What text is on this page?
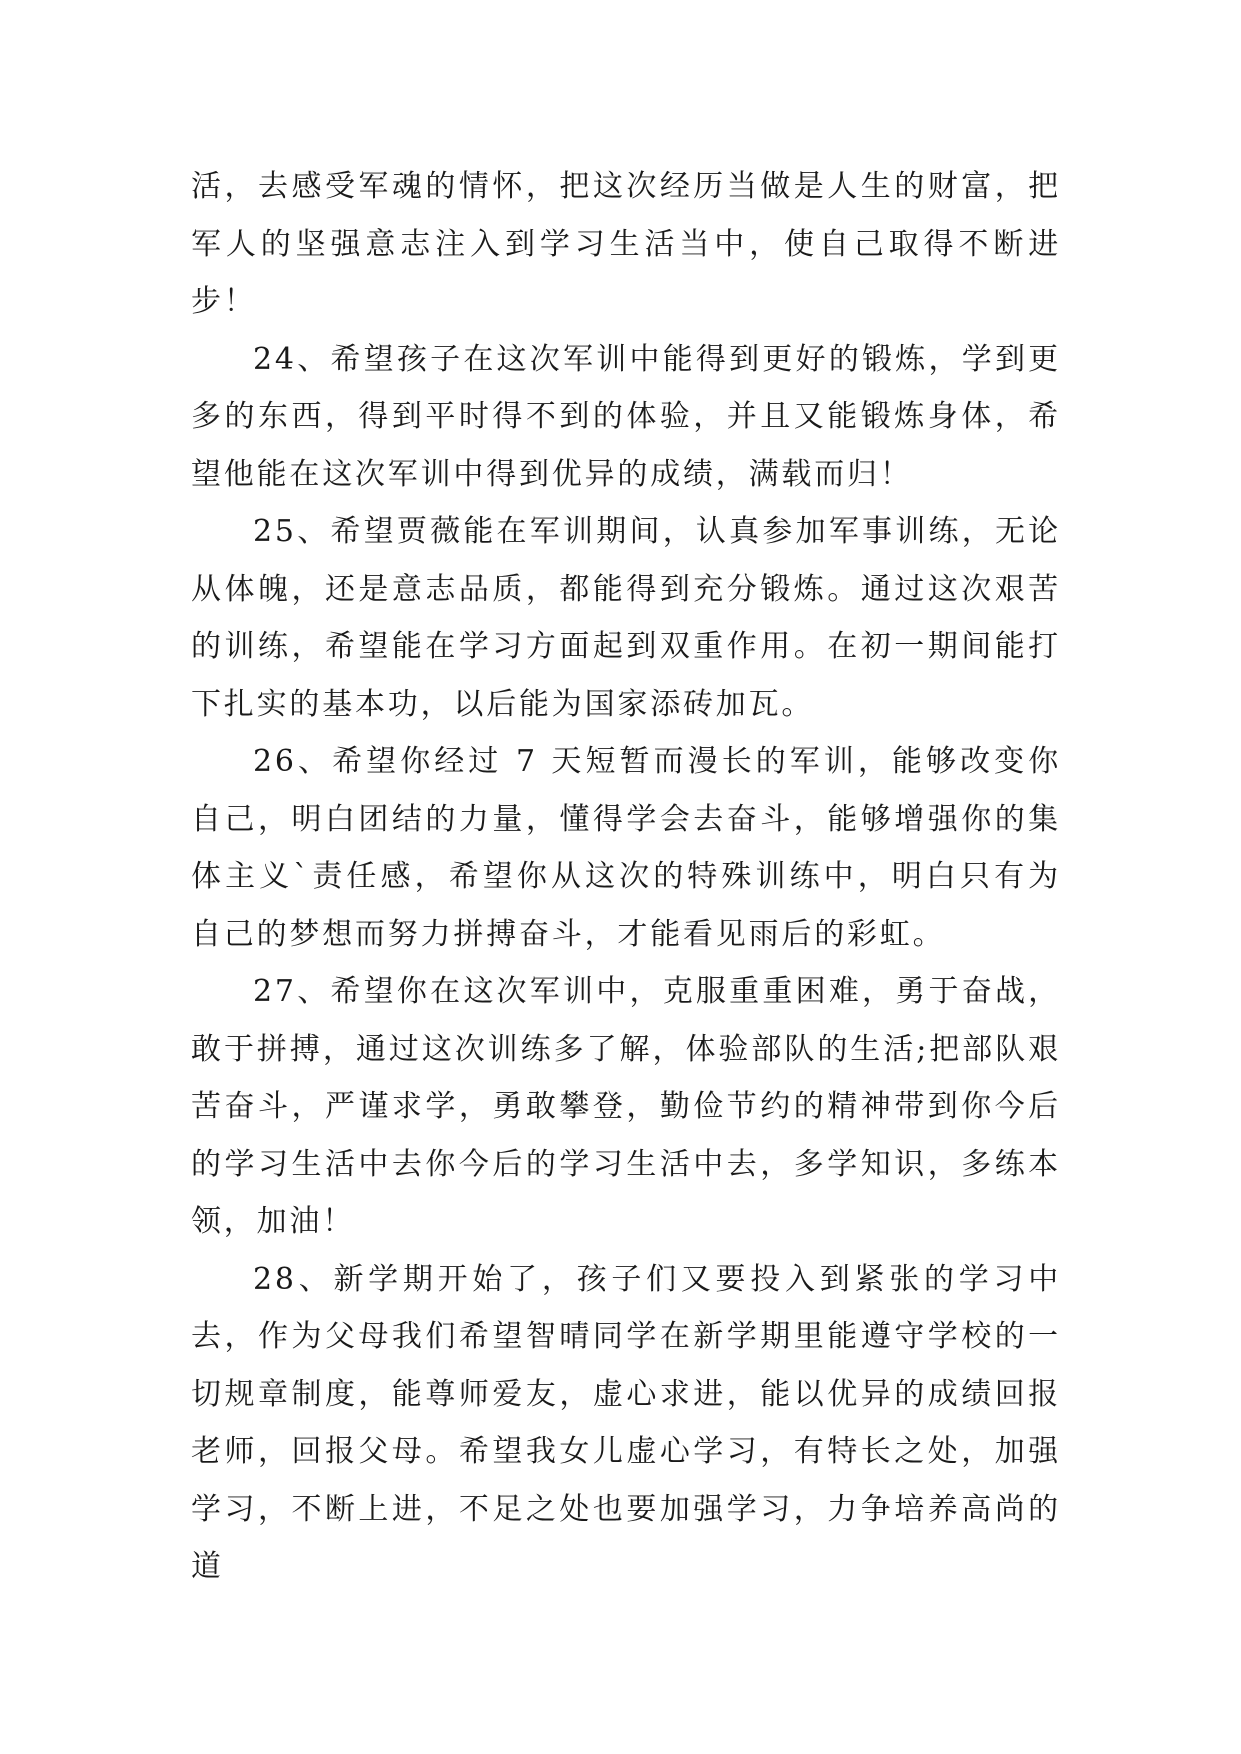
活，去感受军魂的情怀，把这次经历当做是人生的财富，把军人的坚强意志注入到学习生活当中，使自己取得不断进步！

24、希望孩子在这次军训中能得到更好的锻炼，学到更多的东西，得到平时得不到的体验，并且又能锻炼身体，希望他能在这次军训中得到优异的成绩，满载而归！

25、希望贾薇能在军训期间，认真参加军事训练，无论从体魄，还是意志品质，都能得到充分锻炼。通过这次艰苦的训练，希望能在学习方面起到双重作用。在初一期间能打下扎实的基本功，以后能为国家添砖加瓦。

26、希望你经过 7 天短暂而漫长的军训，能够改变你自己，明白团结的力量，懂得学会去奋斗，能够增强你的集体主义`责任感，希望你从这次的特殊训练中，明白只有为自己的梦想而努力拼搏奋斗，才能看见雨后的彩虹。

27、希望你在这次军训中，克服重重困难，勇于奋战，敢于拼搏，通过这次训练多了解，体验部队的生活;把部队艰苦奋斗，严谨求学，勇敢攀登，勤俭节约的精神带到你今后的学习生活中去你今后的学习生活中去，多学知识，多练本领，加油！

28、新学期开始了，孩子们又要投入到紧张的学习中去，作为父母我们希望智晴同学在新学期里能遵守学校的一切规章制度，能尊师爱友，虚心求进，能以优异的成绩回报老师，回报父母。希望我女儿虚心学习，有特长之处，加强学习，不断上进，不足之处也要加强学习，力争培养高尚的道
